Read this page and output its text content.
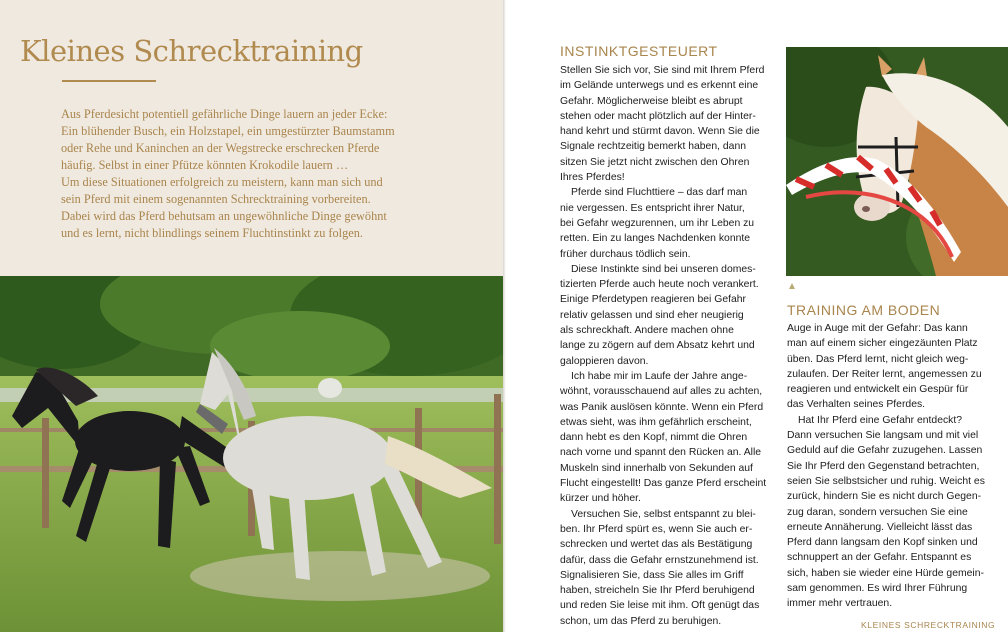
Kleines Schrecktraining

Aus Pferdesicht potentiell gefährliche Dinge lauern an jeder Ecke:
Ein blühender Busch, ein Holzstapel, ein umgestürzter Baumstamm
oder Rehe und Kaninchen an der Wegstrecke erschrecken Pferde
häufig. Selbst in einer Pfütze könnten Krokodile lauern …
Um diese Situationen erfolgreich zu meistern, kann man sich und
sein Pferd mit einem sogenannten Schrecktraining vorbereiten.
Dabei wird das Pferd behutsam an ungewöhnliche Dinge gewöhnt
und es lernt, nicht blindlings seinem Fluchtinstinkt zu folgen.

INSTINKTGESTEUERT
Stellen Sie sich vor, Sie sind mit Ihrem Pferd
im Gelände unterwegs und es erkennt eine
Gefahr. Möglicherweise bleibt es abrupt
stehen oder macht plötzlich auf der Hinter-
hand kehrt und stürmt davon. Wenn Sie die
Signale rechtzeitig bemerkt haben, dann
sitzen Sie jetzt nicht zwischen den Ohren
Ihres Pferdes!
Pferde sind Fluchttiere – das darf man
nie vergessen. Es entspricht ihrer Natur,
bei Gefahr wegzurennen, um ihr Leben zu
retten. Ein zu langes Nachdenken konnte
früher durchaus tödlich sein.
Diese Instinkte sind bei unseren domes-
tizierten Pferde auch heute noch verankert.
Einige Pferdetypen reagieren bei Gefahr
relativ gelassen und sind eher neugierig
als schreckhaft. Andere machen ohne
lange zu zögern auf dem Absatz kehrt und
galoppieren davon.
Ich habe mir im Laufe der Jahre ange-
wöhnt, vorausschauend auf alles zu achten,
was Panik auslösen könnte. Wenn ein Pferd
etwas sieht, was ihm gefährlich erscheint,
dann hebt es den Kopf, nimmt die Ohren
nach vorne und spannt den Rücken an. Alle
Muskeln sind innerhalb von Sekunden auf
Flucht eingestellt! Das ganze Pferd erscheint
kürzer und höher.
Versuchen Sie, selbst entspannt zu blei-
ben. Ihr Pferd spürt es, wenn Sie auch er-
schrecken und wertet das als Bestätigung
dafür, dass die Gefahr ernstzunehmend ist.
Signalisieren Sie, dass Sie alles im Griff
haben, streicheln Sie Ihr Pferd beruhigend
und reden Sie leise mit ihm. Oft genügt das
schon, um das Pferd zu beruhigen.
TRAINING AM BODEN
Auge in Auge mit der Gefahr: Das kann
man auf einem sicher eingezäunten Platz
üben. Das Pferd lernt, nicht gleich weg-
zulaufen. Der Reiter lernt, angemessen zu
reagieren und entwickelt ein Gespür für
das Verhalten seines Pferdes.
Hat Ihr Pferd eine Gefahr entdeckt?
Dann versuchen Sie langsam und mit viel
Geduld auf die Gefahr zuzugehen. Lassen
Sie Ihr Pferd den Gegenstand betrachten,
seien Sie selbstsicher und ruhig. Weicht es
zurück, hindern Sie es nicht durch Gegen-
zug daran, sondern versuchen Sie eine
erneute Annäherung. Vielleicht lässt das
Pferd dann langsam den Kopf sinken und
schnuppert an der Gefahr. Entspannt es
sich, haben sie wieder eine Hürde gemein-
sam genommen. Es wird Ihrer Führung
immer mehr vertrauen.
KLEINES SCHRECKTRAINING
